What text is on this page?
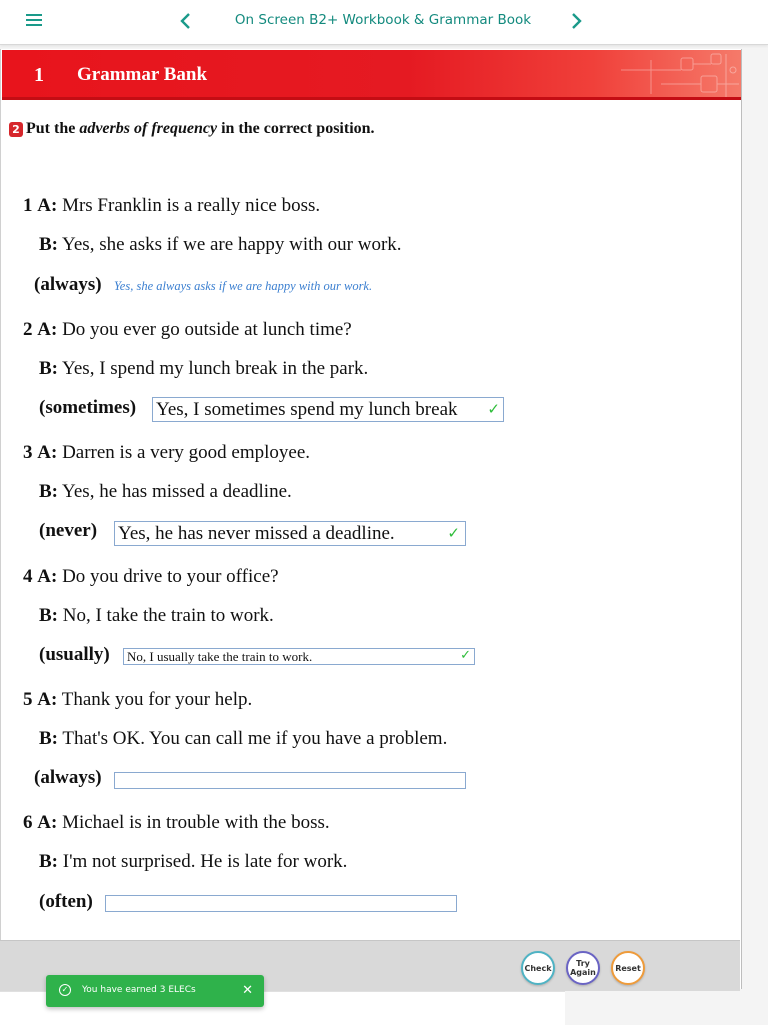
On Screen B2+ Workbook & Grammar Book
1 Grammar Bank
2 Put the
adverbs of frequency
in the correct position.
1 A: Mrs Franklin is a really nice boss.
B: Yes, she asks if we are happy with our work.
(always) Yes, she always asks if we are happy with our work.
2 A: Do you ever go outside at lunch time?
B: Yes, I spend my lunch break in the park.
(sometimes) Yes, I sometimes spend my lunch break ✓
3 A: Darren is a very good employee.
B: Yes, he has missed a deadline.
(never) Yes, he has never missed a deadline.	✓
4 A: Do you drive to your office?
B: No, I take the train to work.
(usually) No, I usually take the train to work.	✓
5 A: Thank you for your help.
B: That's OK. You can call me if you have a problem.
(always)
6 A: Michael is in trouble with the boss.
B: I'm not surprised. He is late for work.
(often)
Check	Try
Again	Reset
✓ You have earned 3 ELECs	✕
